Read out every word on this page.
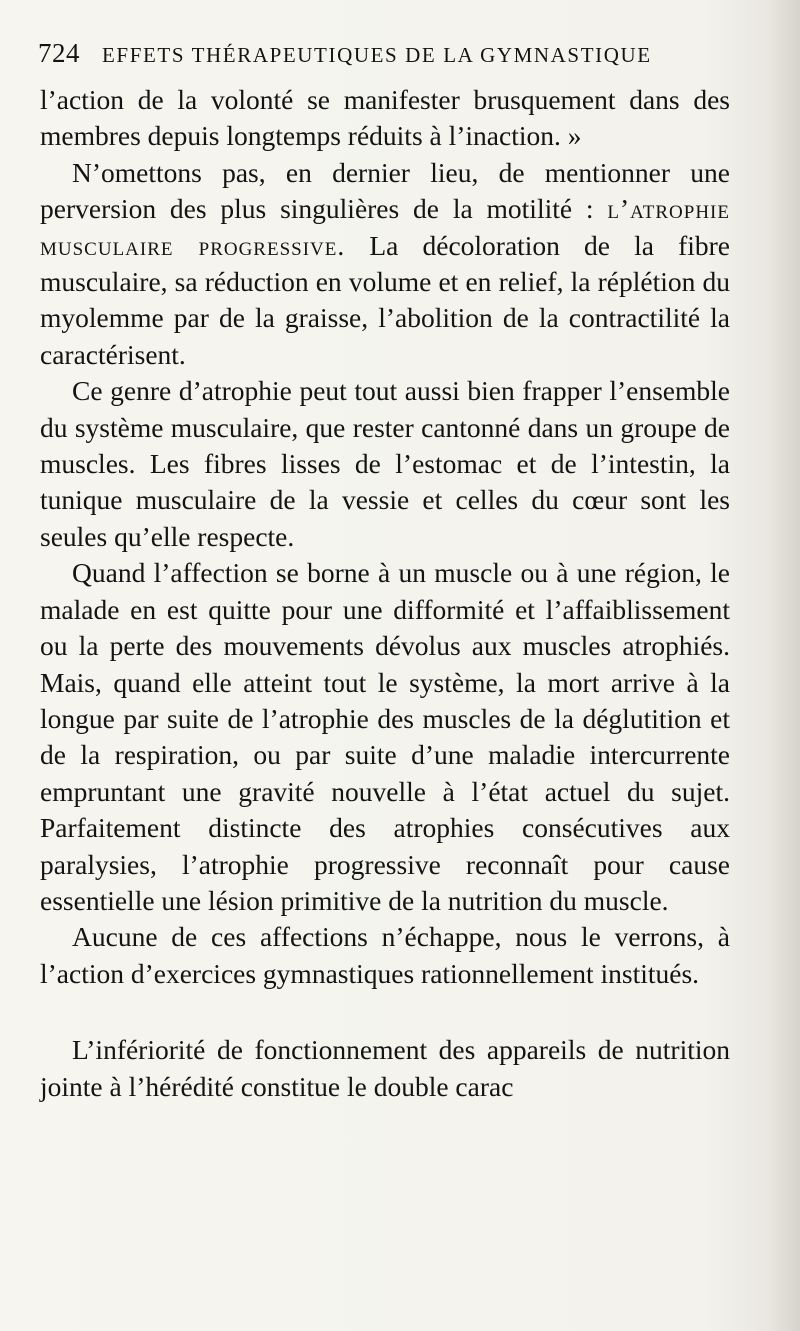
724 EFFETS THÉRAPEUTIQUES DE LA GYMNASTIQUE

l’action de la volonté se manifester brusquement dans des membres depuis longtemps réduits à l’inaction. »

N’omettons pas, en dernier lieu, de mentionner une perversion des plus singulières de la motilité : l’atrophie musculaire progressive. La décoloration de la fibre musculaire, sa réduction en volume et en relief, la réplétion du myolemme par de la graisse, l’abolition de la contractilité la caractérisent.

Ce genre d’atrophie peut tout aussi bien frapper l’ensemble du système musculaire, que rester cantonné dans un groupe de muscles. Les fibres lisses de l’estomac et de l’intestin, la tunique musculaire de la vessie et celles du cœur sont les seules qu’elle respecte.

Quand l’affection se borne à un muscle ou à une région, le malade en est quitte pour une difformité et l’affaiblissement ou la perte des mouvements dévolus aux muscles atrophiés. Mais, quand elle atteint tout le système, la mort arrive à la longue par suite de l’atrophie des muscles de la déglutition et de la respiration, ou par suite d’une maladie intercurrente empruntant une gravité nouvelle à l’état actuel du sujet. Parfaitement distincte des atrophies consécutives aux paralysies, l’atrophie progressive reconnaît pour cause essentielle une lésion primitive de la nutrition du muscle.

Aucune de ces affections n’échappe, nous le verrons, à l’action d’exercices gymnastiques rationnellement institués.

L’infériorité de fonctionnement des appareils de nutrition jointe à l’hérédité constitue le double carac
